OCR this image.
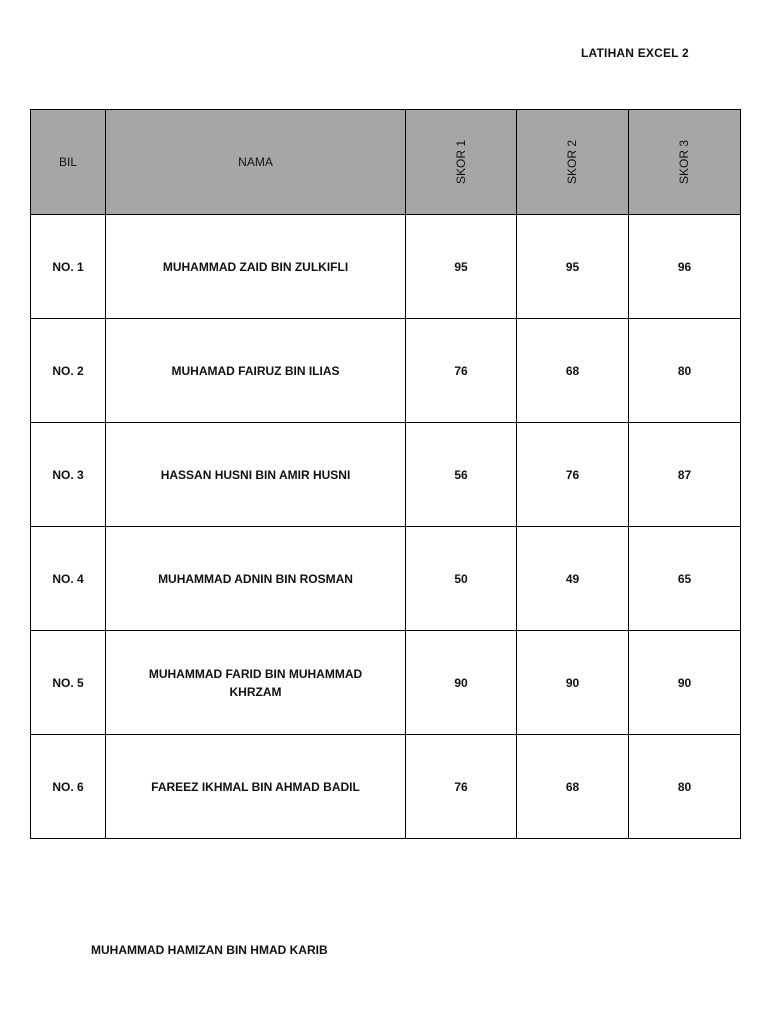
LATIHAN EXCEL 2
BIL	NAMA	SKOR 1	SKOR 2	SKOR 3
NO. 1	MUHAMMAD ZAID BIN ZULKIFLI	95	95	96
NO. 2	MUHAMAD FAIRUZ BIN ILIAS	76	68	80
NO. 3	HASSAN HUSNI BIN AMIR HUSNI	56	76	87
NO. 4	MUHAMMAD ADNIN BIN ROSMAN	50	49	65
NO. 5	MUHAMMAD FARID BIN MUHAMMAD KHRZAM	90	90	90
NO. 6	FAREEZ IKHMAL BIN AHMAD BADIL	76	68	80
MUHAMMAD HAMIZAN BIN HMAD KARIB
